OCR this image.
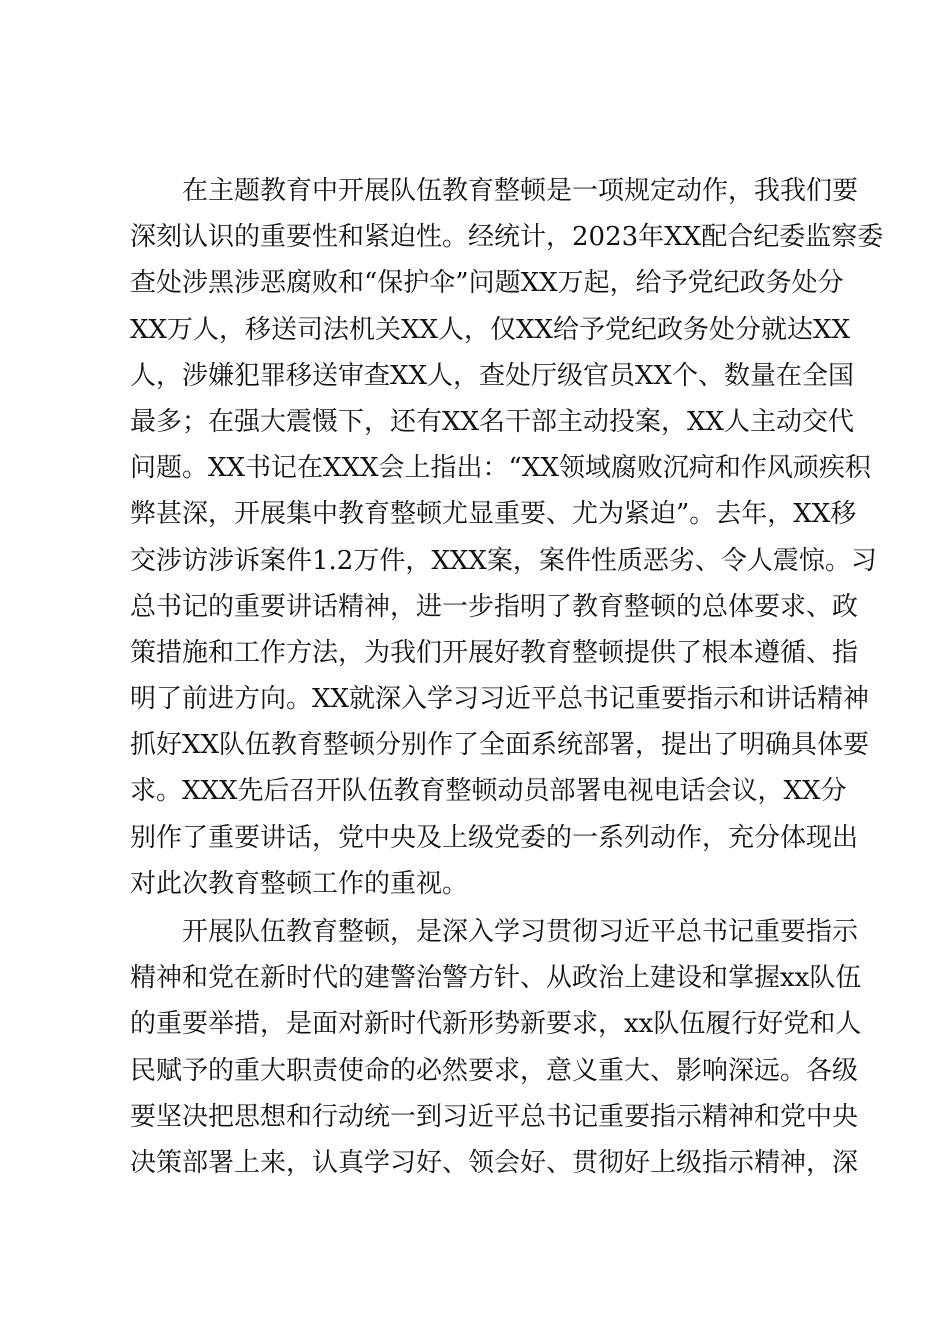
在主题教育中开展队伍教育整顿是一项规定动作，我我们要
深刻认识的重要性和紧迫性。经统计，2023年XX配合纪委监察委
查处涉黑涉恶腐败和“保护伞”问题XX万起，给予党纪政务处分
XX万人，移送司法机关XX人，仅XX给予党纪政务处分就达XX
人，涉嫌犯罪移送审查XX人，查处厅级官员XX个、数量在全国
最多；在强大震慑下，还有XX名干部主动投案，XX人主动交代
问题。XX书记在XXX会上指出：“XX领域腐败沉疴和作风顽疾积
弊甚深，开展集中教育整顿尤显重要、尤为紧迫”。去年，XX移
交涉访涉诉案件1.2万件，XXX案，案件性质恶劣、令人震惊。习
总书记的重要讲话精神，进一步指明了教育整顿的总体要求、政
策措施和工作方法，为我们开展好教育整顿提供了根本遵循、指
明了前进方向。XX就深入学习习近平总书记重要指示和讲话精神
抓好XX队伍教育整顿分别作了全面系统部署，提出了明确具体要
求。XXX先后召开队伍教育整顿动员部署电视电话会议，XX分
别作了重要讲话，党中央及上级党委的一系列动作，充分体现出
对此次教育整顿工作的重视。
开展队伍教育整顿，是深入学习贯彻习近平总书记重要指示
精神和党在新时代的建警治警方针、从政治上建设和掌握xx队伍
的重要举措，是面对新时代新形势新要求，xx队伍履行好党和人
民赋予的重大职责使命的必然要求，意义重大、影响深远。各级
要坚决把思想和行动统一到习近平总书记重要指示精神和党中央
决策部署上来，认真学习好、领会好、贯彻好上级指示精神，深
